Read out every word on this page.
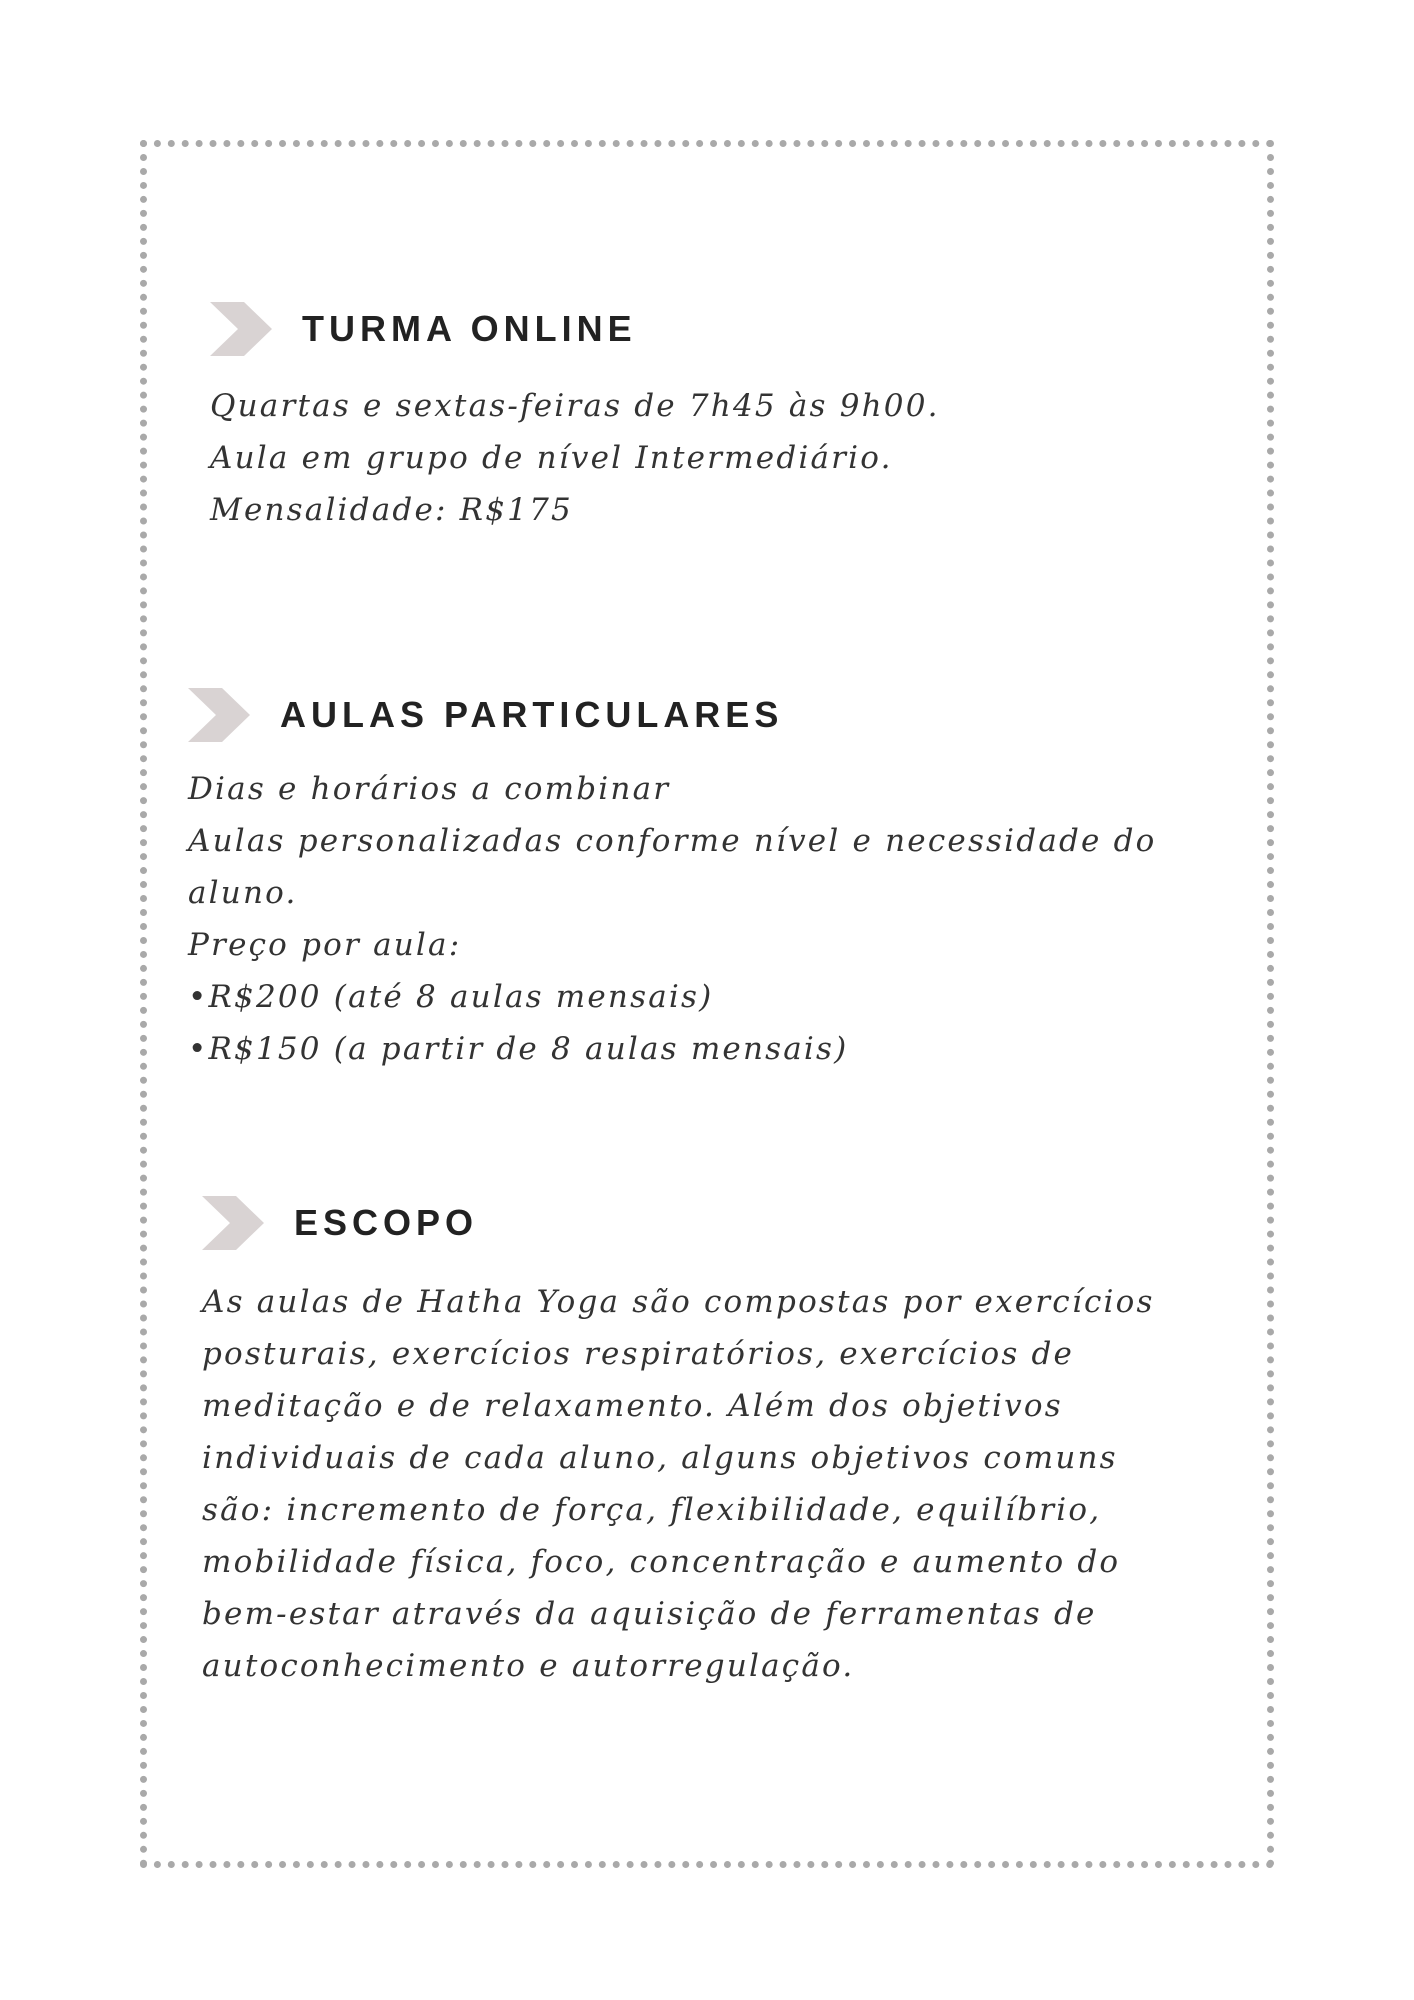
TURMA ONLINE
Quartas e sextas-feiras de 7h45 às 9h00.
Aula em grupo de nível Intermediário.
Mensalidade: R$175
AULAS PARTICULARES
Dias e horários a combinar
Aulas personalizadas conforme nível e necessidade do
aluno.
Preço por aula:
•R$200 (até 8 aulas mensais)
•R$150 (a partir de 8 aulas mensais)
ESCOPO
As aulas de Hatha Yoga são compostas por exercícios
posturais, exercícios respiratórios, exercícios de
meditação e de relaxamento. Além dos objetivos
individuais de cada aluno, alguns objetivos comuns
são: incremento de força, flexibilidade, equilíbrio,
mobilidade física, foco, concentração e aumento do
bem-estar através da aquisição de ferramentas de
autoconhecimento e autorregulação.
